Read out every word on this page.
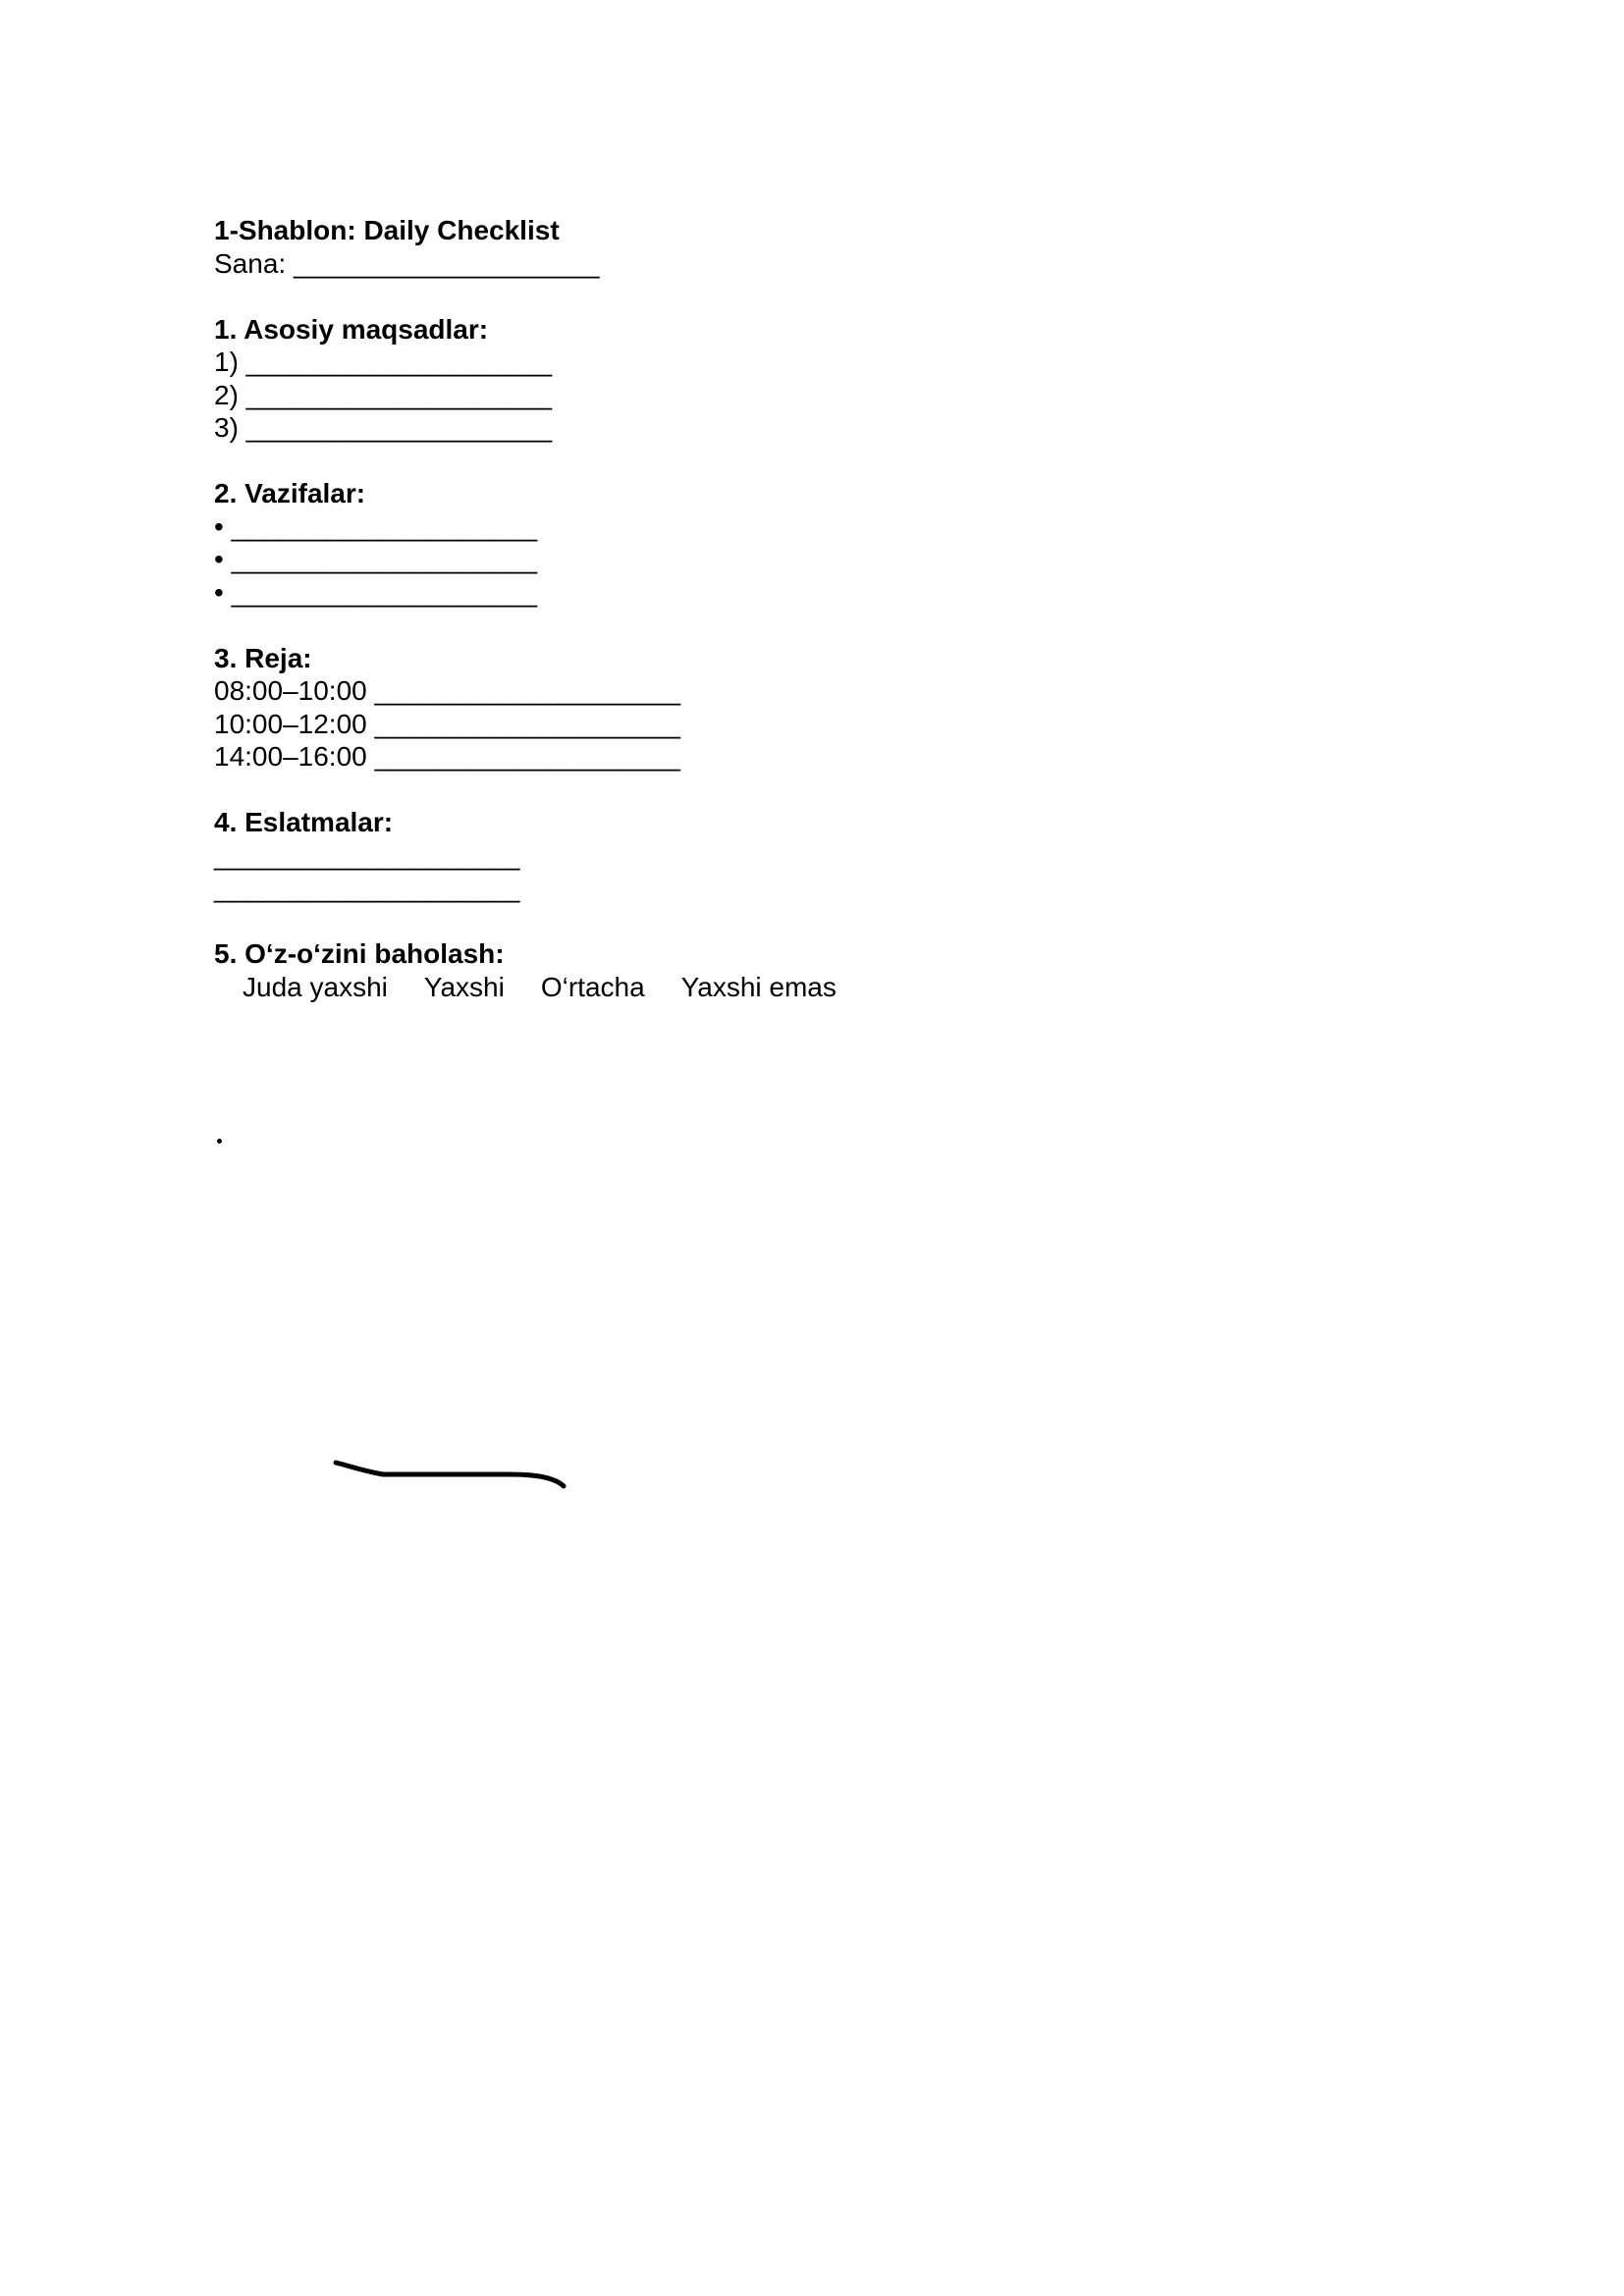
1-Shablon: Daily Checklist
Sana: ____________________
1. Asosiy maqsadlar:
1) ____________________
2) ____________________
3) ____________________
2. Vazifalar:
• ____________________
• ____________________
• ____________________
3. Reja:
08:00–10:00 ____________________
10:00–12:00 ____________________
14:00–16:00 ____________________
4. Eslatmalar:
____________________
____________________
5. O‘z-o‘zini baholash:
Juda yaxshi Yaxshi O‘rtacha Yaxshi emas
